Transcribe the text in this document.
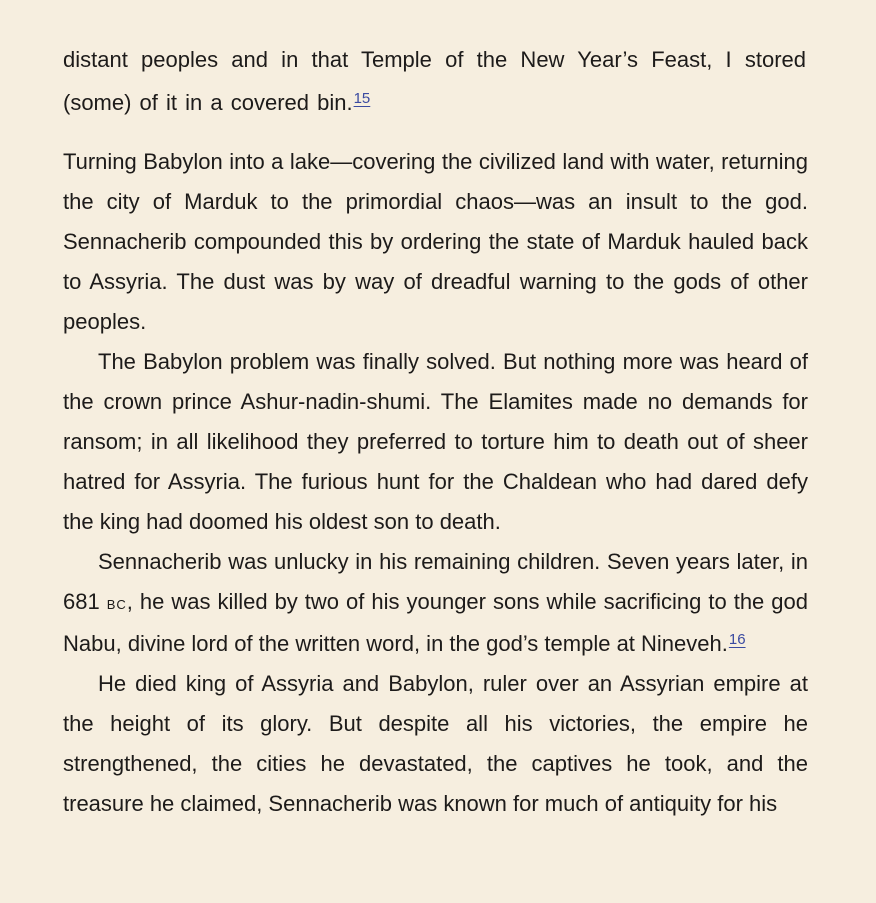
distant peoples and in that Temple of the New Year’s Feast, I stored (some) of it in a covered bin.$^{15}$

Turning Babylon into a lake—covering the civilized land with water, returning the city of Marduk to the primordial chaos—was an insult to the god. Sennacherib compounded this by ordering the state of Marduk hauled back to Assyria. The dust was by way of dreadful warning to the gods of other peoples.

The Babylon problem was finally solved. But nothing more was heard of the crown prince Ashur-nadin-shumi. The Elamites made no demands for ransom; in all likelihood they preferred to torture him to death out of sheer hatred for Assyria. The furious hunt for the Chaldean who had dared defy the king had doomed his oldest son to death.

Sennacherib was unlucky in his remaining children. Seven years later, in 681 bc, he was killed by two of his younger sons while sacrificing to the god Nabu, divine lord of the written word, in the god’s temple at Nineveh.$^{16}$

He died king of Assyria and Babylon, ruler over an Assyrian empire at the height of its glory. But despite all his victories, the empire he strengthened, the cities he devastated, the captives he took, and the treasure he claimed, Sennacherib was known for much of antiquity for his
